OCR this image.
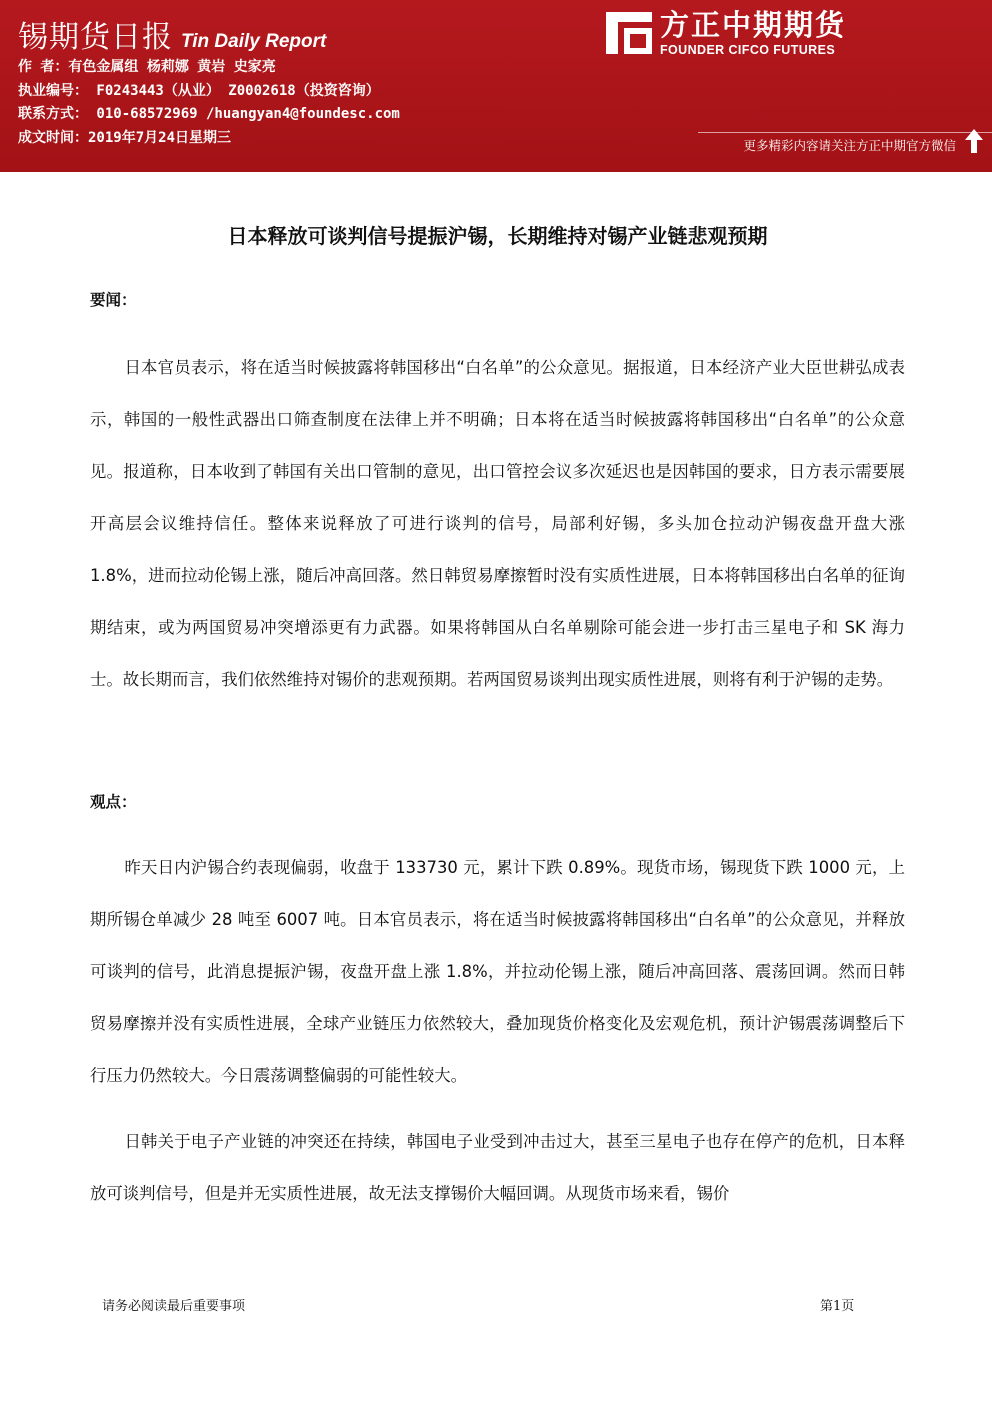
锡期货日报 Tin Daily Report
作 者：有色金属组 杨莉娜 黄岩 史家亮
执业编号： F0243443（从业） Z0002618（投资咨询）
联系方式： 010-68572969 /huangyan4@foundesc.com
成文时间：2019年7月24日星期三
方正中期期货
FOUNDER CIFCO FUTURES
更多精彩内容请关注方正中期官方微信
日本释放可谈判信号提振沪锡，长期维持对锡产业链悲观预期
要闻：

日本官员表示，将在适当时候披露将韩国移出“白名单”的公众意见。据报道，日本经济产业大臣世耕弘成表示，韩国的一般性武器出口筛查制度在法律上并不明确；日本将在适当时候披露将韩国移出“白名单”的公众意见。报道称，日本收到了韩国有关出口管制的意见，出口管控会议多次延迟也是因韩国的要求，日方表示需要展开高层会议维持信任。整体来说释放了可进行谈判的信号，局部利好锡，多头加仓拉动沪锡夜盘开盘大涨 1.8%，进而拉动伦锡上涨，随后冲高回落。然日韩贸易摩擦暂时没有实质性进展，日本将韩国移出白名单的征询期结束，或为两国贸易冲突增添更有力武器。如果将韩国从白名单剔除可能会进一步打击三星电子和 SK 海力士。故长期而言，我们依然维持对锡价的悲观预期。若两国贸易谈判出现实质性进展，则将有利于沪锡的走势。

观点：

昨天日内沪锡合约表现偏弱，收盘于 133730 元，累计下跌 0.89%。现货市场，锡现货下跌 1000 元，上期所锡仓单减少 28 吨至 6007 吨。日本官员表示，将在适当时候披露将韩国移出“白名单”的公众意见，并释放可谈判的信号，此消息提振沪锡，夜盘开盘上涨 1.8%，并拉动伦锡上涨，随后冲高回落、震荡回调。然而日韩贸易摩擦并没有实质性进展，全球产业链压力依然较大，叠加现货价格变化及宏观危机，预计沪锡震荡调整后下行压力仍然较大。今日震荡调整偏弱的可能性较大。

日韩关于电子产业链的冲突还在持续，韩国电子业受到冲击过大，甚至三星电子也存在停产的危机，日本释放可谈判信号，但是并无实质性进展，故无法支撑锡价大幅回调。从现货市场来看，锡价

请务必阅读最后重要事项	第1页
